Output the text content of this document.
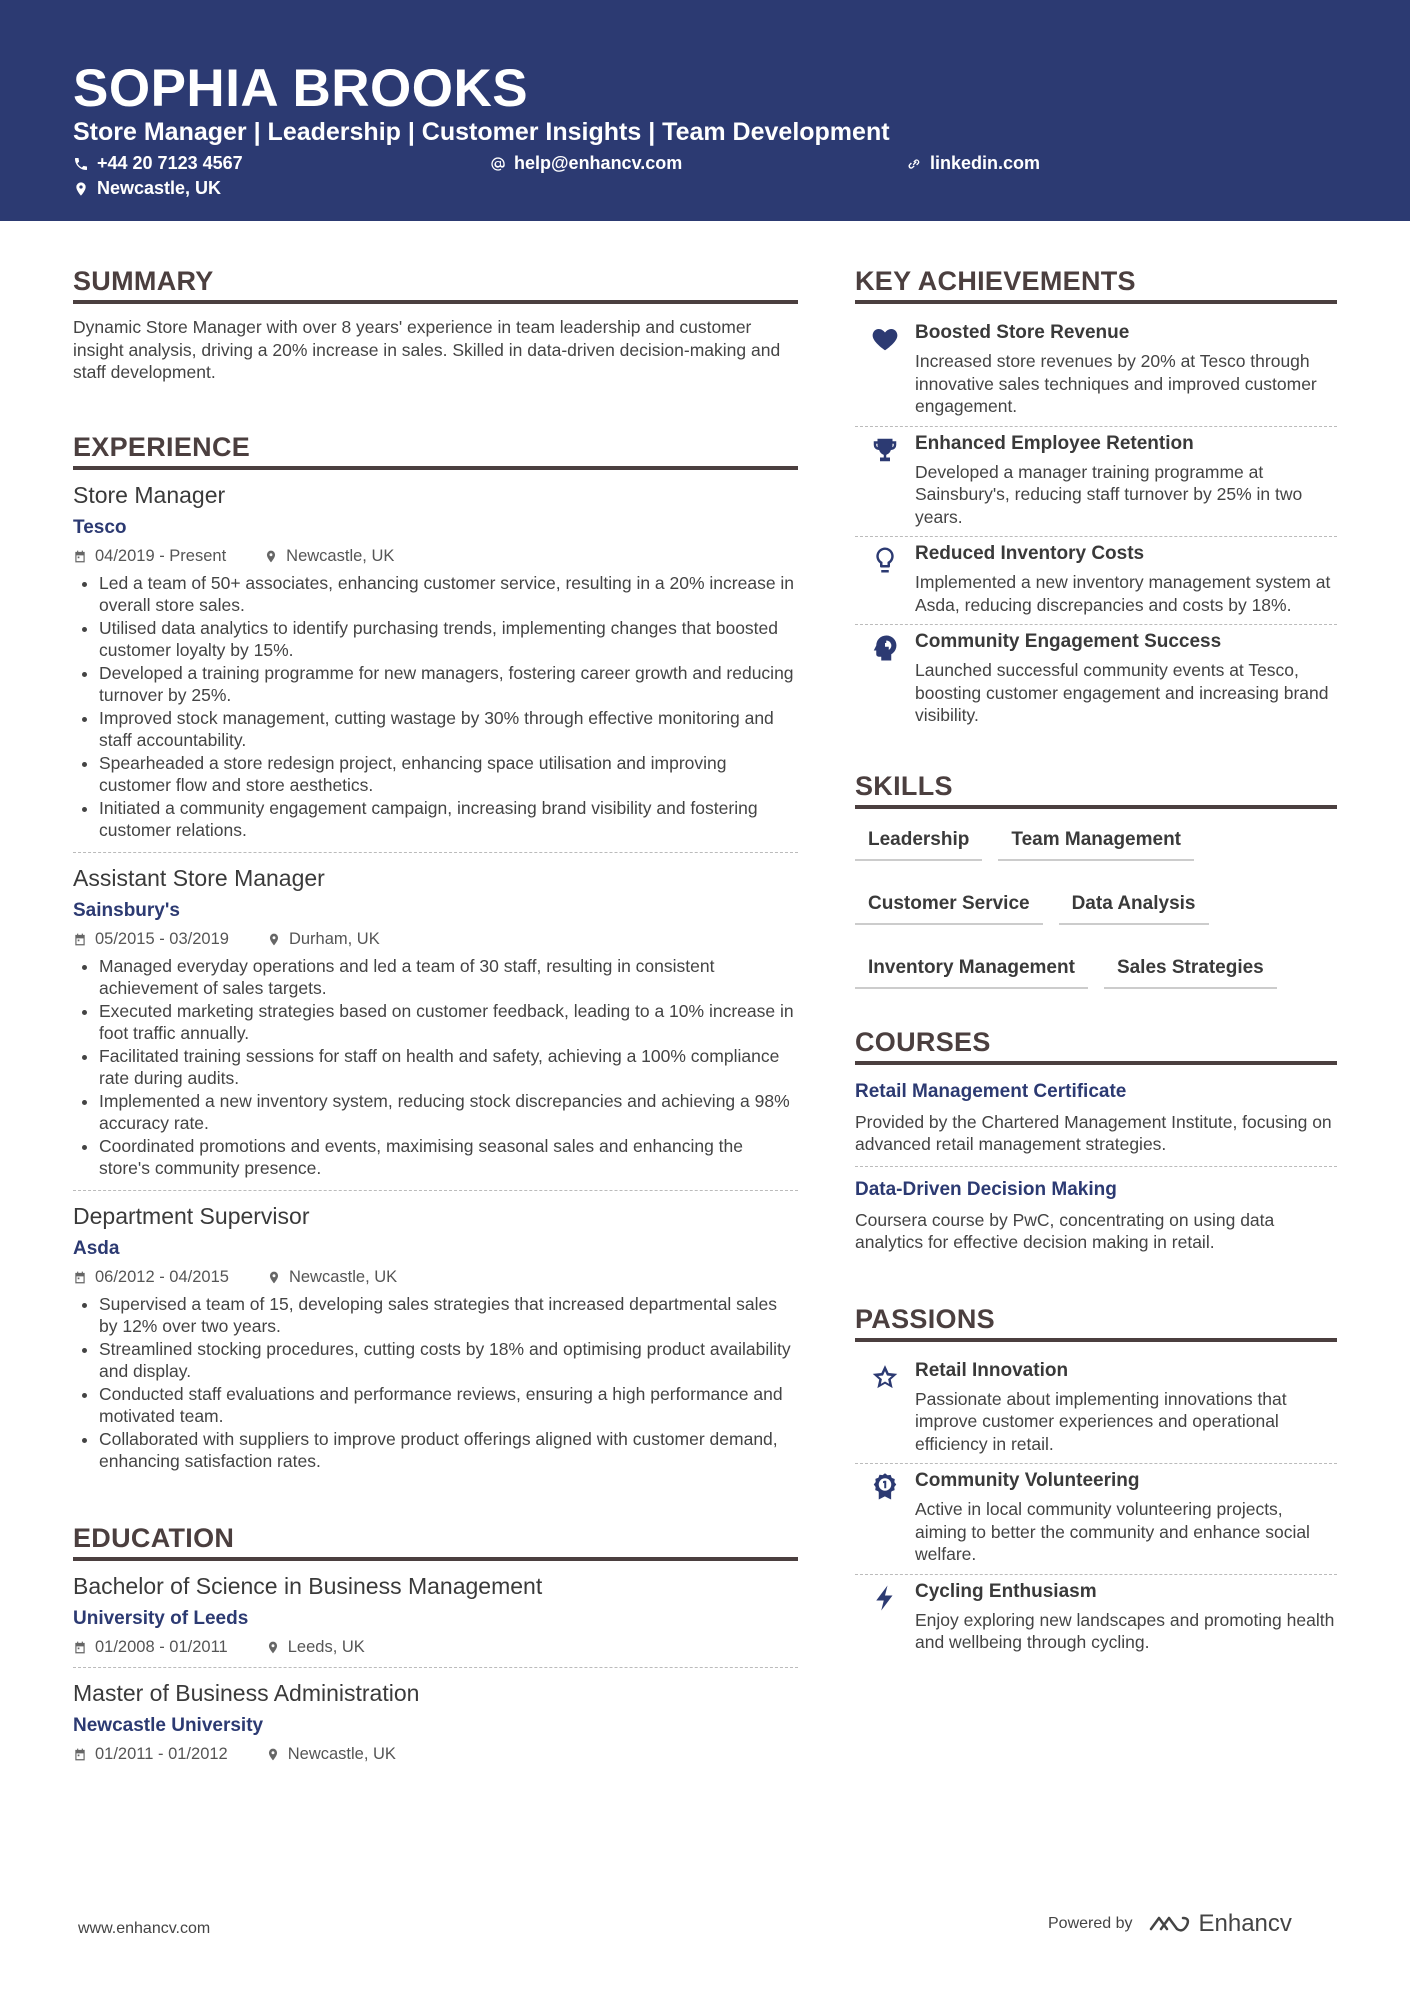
SOPHIA BROOKS
Store Manager | Leadership | Customer Insights | Team Development
+44 20 7123 4567	help@enhancv.com	linkedin.com
Newcastle, UK
SUMMARY
Dynamic Store Manager with over 8 years' experience in team leadership and customer insight analysis, driving a 20% increase in sales. Skilled in data-driven decision-making and staff development.
EXPERIENCE
Store Manager
Tesco
04/2019 - Present	Newcastle, UK
• Led a team of 50+ associates, enhancing customer service, resulting in a 20% increase in overall store sales.
• Utilised data analytics to identify purchasing trends, implementing changes that boosted customer loyalty by 15%.
• Developed a training programme for new managers, fostering career growth and reducing turnover by 25%.
• Improved stock management, cutting wastage by 30% through effective monitoring and staff accountability.
• Spearheaded a store redesign project, enhancing space utilisation and improving customer flow and store aesthetics.
• Initiated a community engagement campaign, increasing brand visibility and fostering customer relations.
Assistant Store Manager
Sainsbury's
05/2015 - 03/2019	Durham, UK
• Managed everyday operations and led a team of 30 staff, resulting in consistent achievement of sales targets.
• Executed marketing strategies based on customer feedback, leading to a 10% increase in foot traffic annually.
• Facilitated training sessions for staff on health and safety, achieving a 100% compliance rate during audits.
• Implemented a new inventory system, reducing stock discrepancies and achieving a 98% accuracy rate.
• Coordinated promotions and events, maximising seasonal sales and enhancing the store's community presence.
Department Supervisor
Asda
06/2012 - 04/2015	Newcastle, UK
• Supervised a team of 15, developing sales strategies that increased departmental sales by 12% over two years.
• Streamlined stocking procedures, cutting costs by 18% and optimising product availability and display.
• Conducted staff evaluations and performance reviews, ensuring a high performance and motivated team.
• Collaborated with suppliers to improve product offerings aligned with customer demand, enhancing satisfaction rates.
EDUCATION
Bachelor of Science in Business Management
University of Leeds
01/2008 - 01/2011	Leeds, UK
Master of Business Administration
Newcastle University
01/2011 - 01/2012	Newcastle, UK
KEY ACHIEVEMENTS
Boosted Store Revenue
Increased store revenues by 20% at Tesco through innovative sales techniques and improved customer engagement.
Enhanced Employee Retention
Developed a manager training programme at Sainsbury's, reducing staff turnover by 25% in two years.
Reduced Inventory Costs
Implemented a new inventory management system at Asda, reducing discrepancies and costs by 18%.
Community Engagement Success
Launched successful community events at Tesco, boosting customer engagement and increasing brand visibility.
SKILLS
Leadership	Team Management
Customer Service	Data Analysis
Inventory Management	Sales Strategies
COURSES
Retail Management Certificate
Provided by the Chartered Management Institute, focusing on advanced retail management strategies.
Data-Driven Decision Making
Coursera course by PwC, concentrating on using data analytics for effective decision making in retail.
PASSIONS
Retail Innovation
Passionate about implementing innovations that improve customer experiences and operational efficiency in retail.
Community Volunteering
Active in local community volunteering projects, aiming to better the community and enhance social welfare.
Cycling Enthusiasm
Enjoy exploring new landscapes and promoting health and wellbeing through cycling.
www.enhancv.com	Powered by	Enhancv
